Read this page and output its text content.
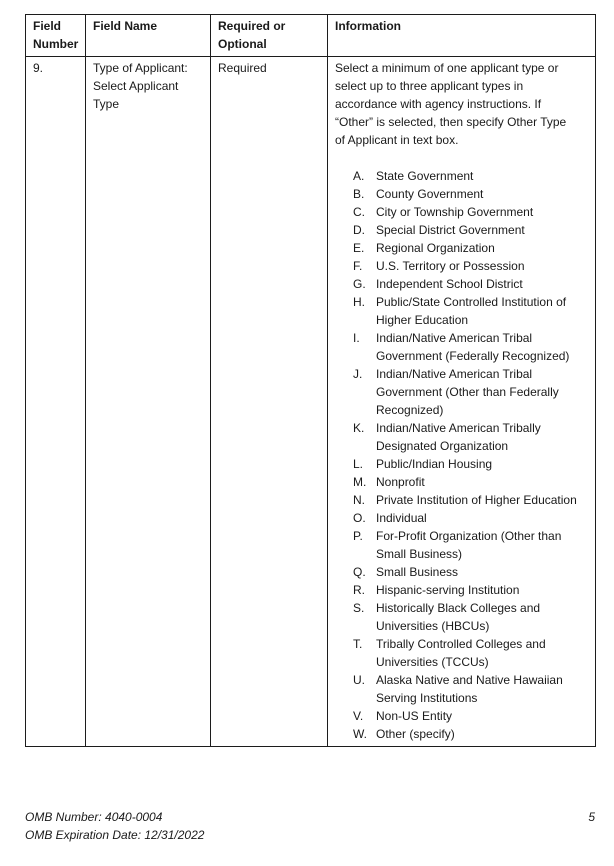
Field Number	Field Name	Required or Optional	Information
9.	Type of Applicant: Select Applicant Type	Required	Select a minimum of one applicant type or select up to three applicant types in accordance with agency instructions. If “Other” is selected, then specify Other Type of Applicant in text box.

A. State Government
B. County Government
C. City or Township Government
D. Special District Government
E. Regional Organization
F.	U.S. Territory or Possession
G. Independent School District
H. Public/State Controlled Institution of Higher Education
I.	Indian/Native American Tribal Government (Federally Recognized)
J.	Indian/Native American Tribal Government (Other than Federally Recognized)
K. Indian/Native American Tribally Designated Organization
L.	Public/Indian Housing
M. Nonprofit
N. Private Institution of Higher Education
O. Individual
P.	For-Profit Organization (Other than Small Business)
Q. Small Business
R. Hispanic-serving Institution
S. Historically Black Colleges and Universities (HBCUs)
T.	Tribally Controlled Colleges and Universities (TCCUs)
U. Alaska Native and Native Hawaiian Serving Institutions
V.	Non-US Entity
W. Other (specify)
OMB Number: 4040-0004
OMB Expiration Date: 12/31/2022
5
